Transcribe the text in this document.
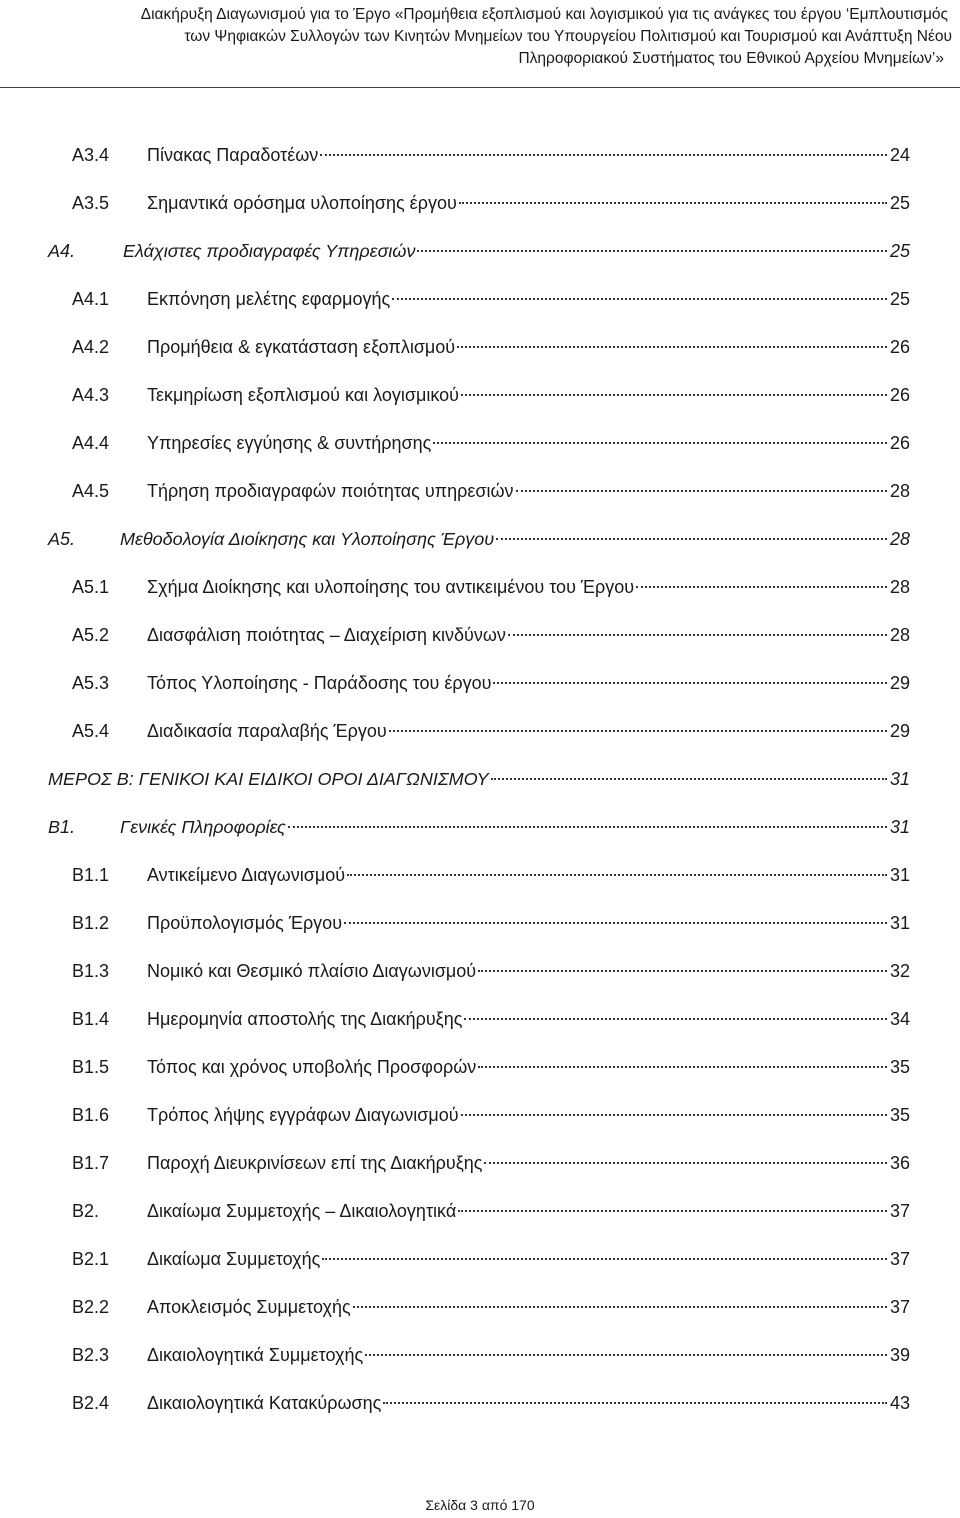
Διακήρυξη Διαγωνισμού για το Έργο «Προμήθεια εξοπλισμού και λογισμικού για τις ανάγκες του έργου ‘Εμπλουτισμός
των Ψηφιακών Συλλογών των Κινητών Μνημείων του Υπουργείου Πολιτισμού και Τουρισμού και Ανάπτυξη Νέου
Πληροφοριακού Συστήματος του Εθνικού Αρχείου Μνημείων’»
Α3.4	Πίνακας Παραδοτέων	24
Α3.5	Σημαντικά ορόσημα υλοποίησης έργου	25
Α4.	Ελάχιστες προδιαγραφές Υπηρεσιών	25
Α4.1	Εκπόνηση μελέτης εφαρμογής	25
Α4.2	Προμήθεια & εγκατάσταση εξοπλισμού	26
Α4.3	Τεκμηρίωση εξοπλισμού και λογισμικού	26
Α4.4	Υπηρεσίες εγγύησης & συντήρησης	26
Α4.5	Τήρηση προδιαγραφών ποιότητας υπηρεσιών	28
Α5.	Μεθοδολογία Διοίκησης και Υλοποίησης Έργου	28
Α5.1	Σχήμα Διοίκησης και υλοποίησης του αντικειμένου του Έργου	28
Α5.2	Διασφάλιση ποιότητας – Διαχείριση κινδύνων	28
Α5.3	Τόπος Υλοποίησης - Παράδοσης του έργου	29
Α5.4	Διαδικασία παραλαβής Έργου	29
ΜΕΡΟΣ Β: ΓΕΝΙΚΟΙ ΚΑΙ ΕΙΔΙΚΟΙ ΟΡΟΙ ΔΙΑΓΩΝΙΣΜΟΥ	31
Β1.	Γενικές Πληροφορίες	31
Β1.1	Αντικείμενο Διαγωνισμού	31
Β1.2	Προϋπολογισμός Έργου	31
Β1.3	Νομικό και Θεσμικό πλαίσιο Διαγωνισμού	32
Β1.4	Ημερομηνία αποστολής της Διακήρυξης	34
Β1.5	Τόπος και χρόνος υποβολής Προσφορών	35
Β1.6	Τρόπος λήψης εγγράφων Διαγωνισμού	35
Β1.7	Παροχή Διευκρινίσεων επί της Διακήρυξης	36
Β2.	Δικαίωμα Συμμετοχής – Δικαιολογητικά	37
Β2.1	Δικαίωμα Συμμετοχής	37
Β2.2	Αποκλεισμός Συμμετοχής	37
Β2.3	Δικαιολογητικά Συμμετοχής	39
Β2.4	Δικαιολογητικά Κατακύρωσης	43
Σελίδα 3 από 170
